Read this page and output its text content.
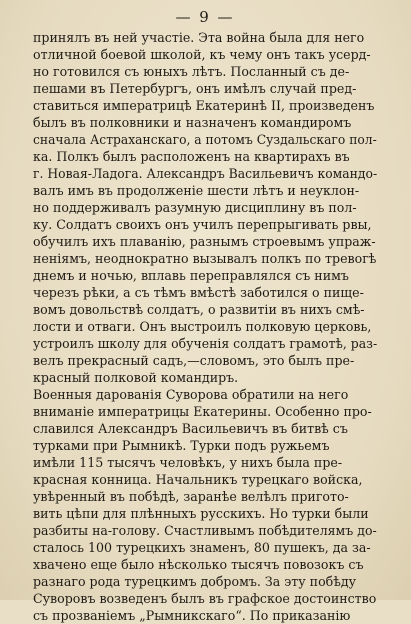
— 9 —

принялъ въ ней участіе. Эта война была для него
отличной боевой школой, къ чему онъ такъ усерд-
но готовился съ юныхъ лѣтъ. Посланный съ де-
пешами въ Петербургъ, онъ имѣлъ случай пред-
ставиться императрицѣ Екатеринѣ II, произведенъ
былъ въ полковники и назначенъ командиромъ
сначала Астраханскаго, а потомъ Суздальскаго пол-
ка. Полкъ былъ расположенъ на квартирахъ въ
г. Новая-Ладога. Александръ Васильевичъ командо-
валъ имъ въ продолженіе шести лѣтъ и неуклон-
но поддерживалъ разумную дисциплину въ пол-
ку. Солдатъ своихъ онъ училъ перепрыгивать рвы,
обучилъ ихъ плаванію, разнымъ строевымъ упраж-
неніямъ, неоднократно вызывалъ полкъ по тревогѣ
днемъ и ночью, вплавь переправлялся съ нимъ
черезъ рѣки, а съ тѣмъ вмѣстѣ заботился о пище-
вомъ довольствѣ солдатъ, о развитіи въ нихъ смѣ-
лости и отваги. Онъ выстроилъ полковую церковь,
устроилъ школу для обученія солдатъ грамотѣ, раз-
велъ прекрасный садъ,—словомъ, это былъ пре-
красный полковой командиръ.

Военныя дарованія Суворова обратили на него
вниманіе императрицы Екатерины. Особенно про-
славился Александръ Васильевичъ въ битвѣ съ
турками при Рымникѣ. Турки подъ ружьемъ
имѣли 115 тысячъ человѣкъ, у нихъ была пре-
красная конница. Начальникъ турецкаго войска,
увѣренный въ побѣдѣ, заранѣе велѣлъ пригото-
вить цѣпи для плѣнныхъ русскихъ. Но турки были
разбиты на-голову. Счастливымъ побѣдителямъ до-
сталось 100 турецкихъ знаменъ, 80 пушекъ, да за-
хвачено еще было нѣсколько тысячъ повозокъ съ
разнаго рода турецкимъ добромъ. За эту побѣду
Суворовъ возведенъ былъ въ графское достоинство
съ прозваніемъ „Рымникскаго“. По приказанію
